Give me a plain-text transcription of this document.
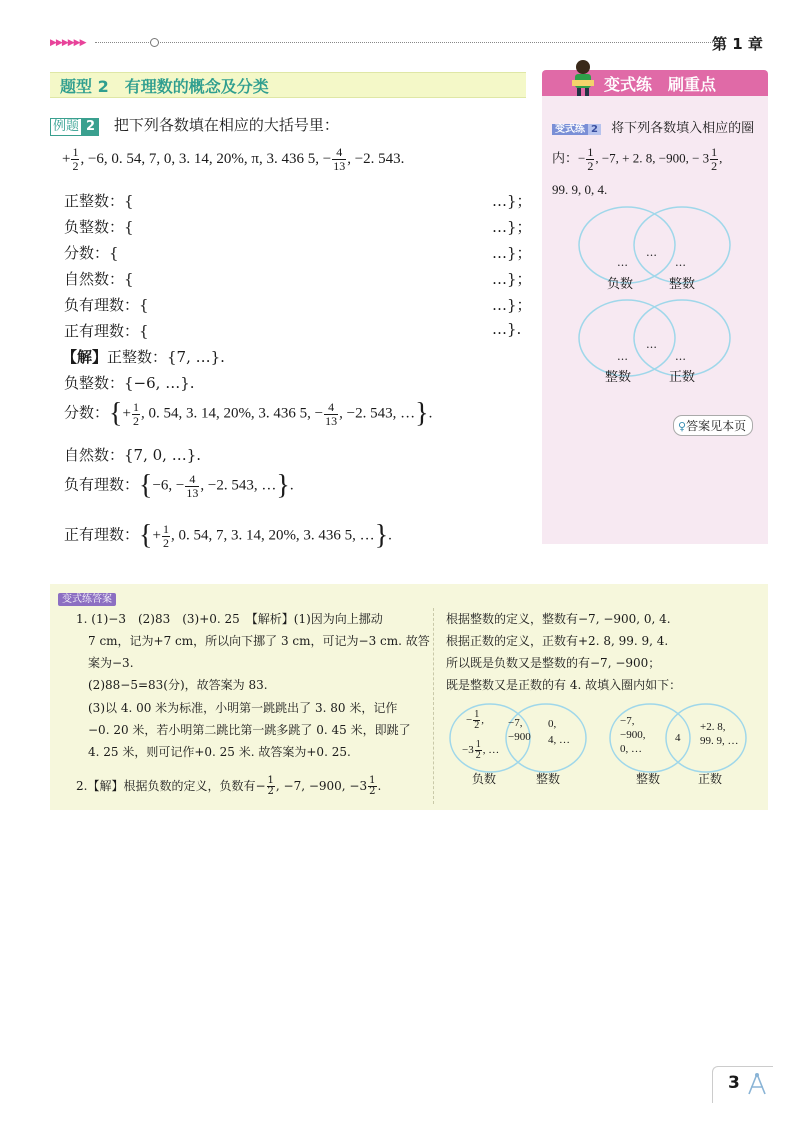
▶▶▶▶▶▶	第 1 章
题型 2　有理数的概念及分类
例题 2 把下列各数填在相应的大括号里：
+ $\frac{1}{2}$ , −6, 0. 54, 7, 0, 3. 14, 20%, π, 3. 436 5, − $\frac{4}{13}$ , −2. 543.
正整数：{	…}；
负整数：{	…}；
分数：{	…}；
自然数：{	…}；
负有理数：{	…}；
正有理数：{	…}.
【解】正整数：{7, …}.
负整数：{−6, …}.
分数：{+ $\frac{1}{2}$ , 0. 54, 3. 14, 20%, 3. 436 5, − $\frac{4}{13}$ , −2. 543, …}.
自然数：{7, 0, …}.
负有理数：{−6, − $\frac{4}{13}$ , −2. 543, …}.
正有理数：{+ $\frac{1}{2}$ , 0. 54, 7, 3. 14, 20%, 3. 436 5, …}.
变式练　刷重点
变式练 2 将下列各数填入相应的圈
内：− $\frac{1}{2}$ , −7, + 2. 8, −900, − $3 \frac{1}{2}$ ,
99. 9, 0, 4.
…
…
…
负数	整数
…
…
…
整数	正数
♀答案见本页
变式练答案
1. (1)−3　(2)83　(3)+0. 25　【解析】(1)因为向上挪动
7 cm，记为+7 cm，所以向下挪了 3 cm，可记为−3 cm. 故答
案为−3.
(2)88−5=83(分)，故答案为 83.
(3)以 4. 00 米为标准，小明第一跳跳出了 3. 80 米，记作
−0. 20 米，若小明第二跳比第一跳多跳了 0. 45 米，即跳了
4. 25 米，则可记作+0. 25 米. 故答案为+0. 25.
2.【解】根据负数的定义，负数有− $\frac{1}{2}$ , −7, −900, $-3 \frac{1}{2}$ .
根据整数的定义，整数有−7, −900, 0, 4.
根据正数的定义，正数有+2. 8, 99. 9, 4.
所以既是负数又是整数的有−7, −900；
既是整数又是正数的有 4. 故填入圈内如下：
− $\frac{1}{2}$ ,
$-3 \frac{1}{2}$ , …
−7,
−900
0,
4, …
负数	整数
−7,
−900,
0, …
4
+2. 8,
99. 9, …
整数	正数
3
